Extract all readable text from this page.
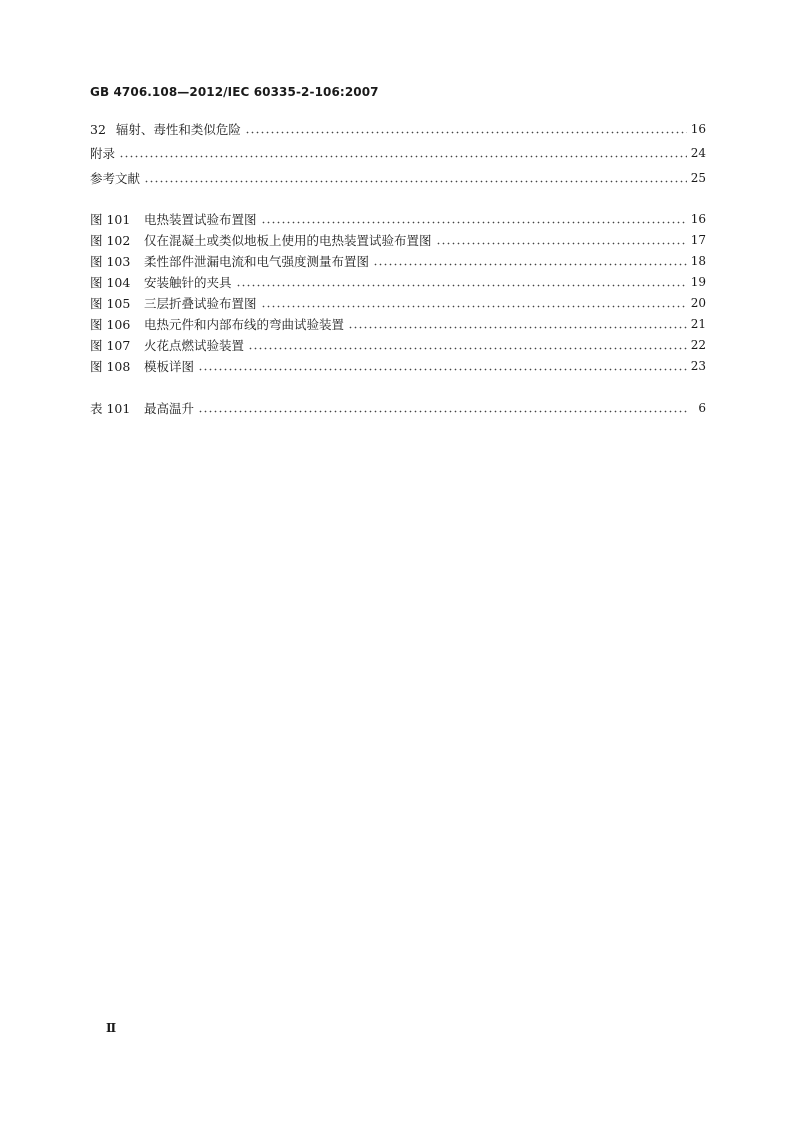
GB 4706.108—2012/IEC 60335-2-106:2007
32 辐射、毒性和类似危险	16
附录	24
参考文献	25
图 101	电热装置试验布置图	16
图 102	仅在混凝土或类似地板上使用的电热装置试验布置图	17
图 103	柔性部件泄漏电流和电气强度测量布置图	18
图 104	安装触针的夹具	19
图 105	三层折叠试验布置图	20
图 106	电热元件和内部布线的弯曲试验装置	21
图 107	火花点燃试验装置	22
图 108	模板详图	23
表 101	最高温升	6
Ⅱ
